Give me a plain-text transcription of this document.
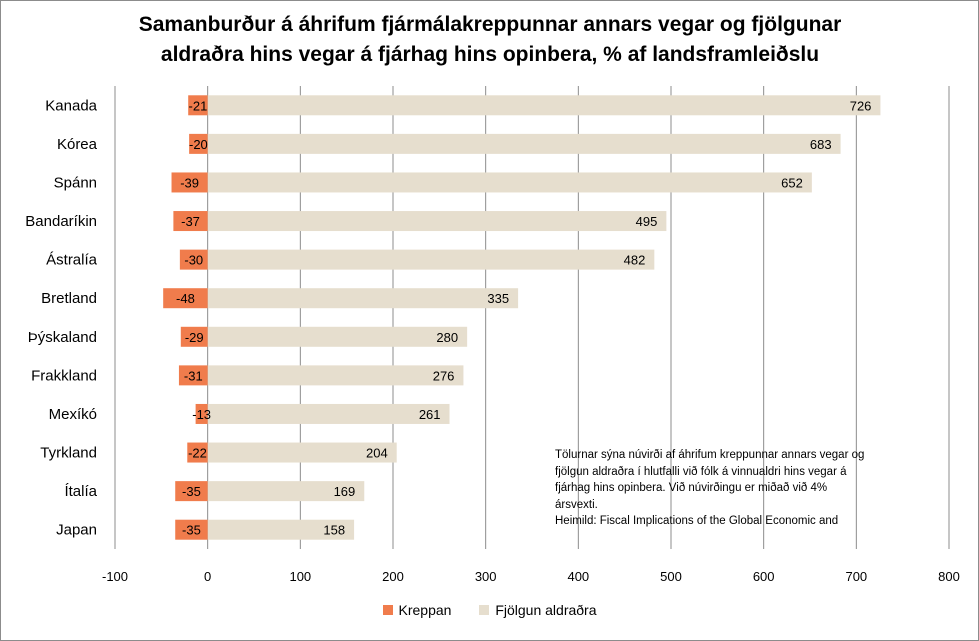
Samanburður á áhrifum fjármálakreppunnar annars vegar og fjölgunar
aldraðra hins vegar á fjárhag hins opinbera, % af landsframleiðslu
-100	0	100	200	300	400	500	600	700	800
Kanada	726
-21
Kórea	683
-20
Spánn	652
-39
Bandaríkin	495
-37
Ástralía	482
-30
Bretland	335
-48
Þýskaland	280
-29
Frakkland	276
-31
Mexíkó	261
-13
Tyrkland	204
-22
Ítalía	169
-35
Japan	158
-35
Tölurnar sýna núvirði af áhrifum kreppunnar annars vegar og
fjölgun aldraðra í hlutfalli við fólk á vinnualdri hins vegar á
fjárhag hins opinbera. Við núvirðingu er miðað við 4%
ársvexti.
Heimild: Fiscal Implications of the Global Economic and
Kreppan
	Fjölgun aldraðra
